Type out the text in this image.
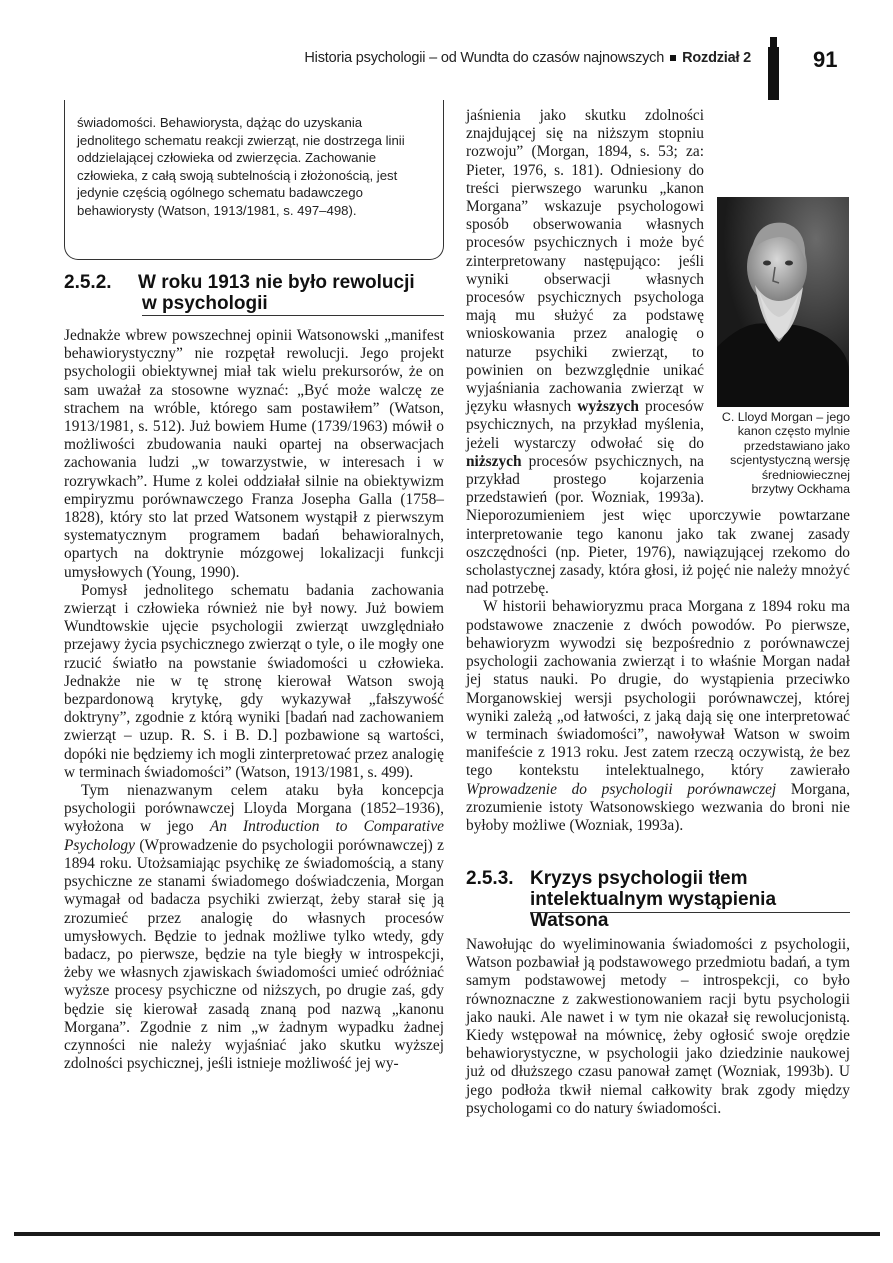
Historia psychologii – od Wundta do czasów najnowszych Rozdział 2	91
świadomości. Behawiorysta, dążąc do uzyskania jednolitego schematu reakcji zwierząt, nie dostrzega linii oddzielającej człowieka od zwierzęcia. Zachowanie człowieka, z całą swoją subtelnością i złożonością, jest jedynie częścią ogólnego schematu badawczego behawiorysty (Watson, 1913/1981, s. 497–498).
2.5.2. W roku 1913 nie było rewolucji
w psychologii

Jednakże wbrew powszechnej opinii Watsonowski „manifest behawiorystyczny” nie rozpętał rewolucji. Jego projekt psychologii obiektywnej miał tak wielu prekursorów, że on sam uważał za stosowne wyznać: „Być może walczę ze strachem na wróble, którego sam postawiłem” (Watson, 1913/1981, s. 512). Już bowiem Hume (1739/1963) mówił o możliwości zbudowania nauki opartej na obserwacjach zachowania ludzi „w towarzystwie, w interesach i w rozrywkach”. Hume z kolei oddziałał silnie na obiektywizm empiryzmu porównawczego Franza Josepha Galla (1758–1828), który sto lat przed Watsonem wystąpił z pierwszym systematycznym programem badań behawioralnych, opartych na doktrynie mózgowej lokalizacji funkcji umysłowych (Young, 1990).

Pomysł jednolitego schematu badania zachowania zwierząt i człowieka również nie był nowy. Już bowiem Wundtowskie ujęcie psychologii zwierząt uwzględniało przejawy życia psychicznego zwierząt o tyle, o ile mogły one rzucić światło na powstanie świadomości u człowieka. Jednakże nie w tę stronę kierował Watson swoją bezpardonową krytykę, gdy wykazywał „fałszywość doktryny”, zgodnie z którą wyniki [badań nad zachowaniem zwierząt – uzup. R. S. i B. D.] pozbawione są wartości, dopóki nie będziemy ich mogli zinterpretować przez analogię w terminach świadomości” (Watson, 1913/1981, s. 499).

Tym nienazwanym celem ataku była koncepcja psychologii porównawczej Lloyda Morgana (1852–1936), wyłożona w jego An Introduction to Comparative Psychology (Wprowadzenie do psychologii porównawczej) z 1894 roku. Utożsamiając psychikę ze świadomością, a stany psychiczne ze stanami świadomego doświadczenia, Morgan wymagał od badacza psychiki zwierząt, żeby starał się ją zrozumieć przez analogię do własnych procesów umysłowych. Będzie to jednak możliwe tylko wtedy, gdy badacz, po pierwsze, będzie na tyle biegły w introspekcji, żeby we własnych zjawiskach świadomości umieć odróżniać wyższe procesy psychiczne od niższych, po drugie zaś, gdy będzie się kierował zasadą znaną pod nazwą „kanonu Morgana”. Zgodnie z nim „w żadnym wypadku żadnej czynności nie należy wyjaśniać jako skutku wyższej zdolności psychicznej, jeśli istnieje możliwość jej wy-

C. Lloyd Morgan – jego kanon często mylnie przedstawiano jako scjentystyczną wersję średniowiecznej brzytwy Ockhama

jaśnienia jako skutku zdolności znajdującej się na niższym stopniu rozwoju” (Morgan, 1894, s. 53; za: Pieter, 1976, s. 181). Odniesiony do treści pierwszego warunku „kanon Morgana” wskazuje psychologowi sposób obserwowania własnych procesów psychicznych i może być zinterpretowany następująco: jeśli wyniki obserwacji własnych procesów psychicznych psychologa mają mu służyć za podstawę wnioskowania przez analogię o naturze psychiki zwierząt, to powinien on bezwzględnie unikać wyjaśniania zachowania zwierząt w języku własnych wyższych procesów psychicznych, na przykład myślenia, jeżeli wystarczy odwołać się do niższych procesów psychicznych, na przykład prostego kojarzenia przedstawień (por. Wozniak, 1993a). Nieporozumieniem jest więc uporczywie powtarzane interpretowanie tego kanonu jako tak zwanej zasady oszczędności (np. Pieter, 1976), nawiązującej rzekomo do scholastycznej zasady, która głosi, iż pojęć nie należy mnożyć nad potrzebę.

W historii behawioryzmu praca Morgana z 1894 roku ma podstawowe znaczenie z dwóch powodów. Po pierwsze, behawioryzm wywodzi się bezpośrednio z porównawczej psychologii zachowania zwierząt i to właśnie Morgan nadał jej status nauki. Po drugie, do wystąpienia przeciwko Morganowskiej wersji psychologii porównawczej, której wyniki zależą „od łatwości, z jaką dają się one interpretować w terminach świadomości”, nawoływał Watson w swoim manifeście z 1913 roku. Jest zatem rzeczą oczywistą, że bez tego kontekstu intelektualnego, który zawierało Wprowadzenie do psychologii porównawczej Morgana, zrozumienie istoty Watsonowskiego wezwania do broni nie byłoby możliwe (Wozniak, 1993a).

2.5.3. Kryzys psychologii tłem
intelektualnym wystąpienia Watsona

Nawołując do wyeliminowania świadomości z psychologii, Watson pozbawiał ją podstawowego przedmiotu badań, a tym samym podstawowej metody – introspekcji, co było równoznaczne z zakwestionowaniem racji bytu psychologii jako nauki. Ale nawet i w tym nie okazał się rewolucjonistą. Kiedy wstępował na mównicę, żeby ogłosić swoje orędzie behawiorystyczne, w psychologii jako dziedzinie naukowej już od dłuższego czasu panował zamęt (Wozniak, 1993b). U jego podłoża tkwił niemal całkowity brak zgody między psychologami co do natury świadomości.
